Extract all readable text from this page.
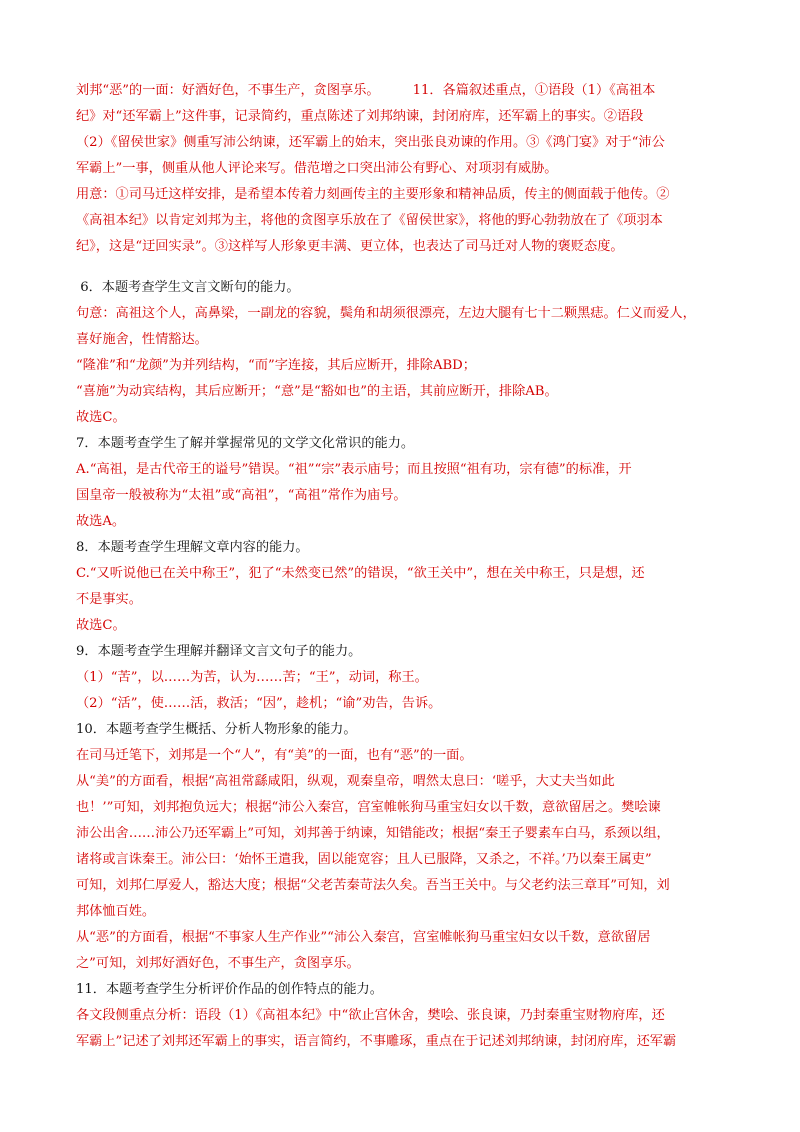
刘邦“恶”的一面：好酒好色，不事生产，贪图享乐。　　　11．各篇叙述重点，①语段（1）《高祖本
纪》对“还军霸上”这件事，记录简约，重点陈述了刘邦纳谏，封闭府库，还军霸上的事实。②语段
（2）《留侯世家》侧重写沛公纳谏，还军霸上的始末，突出张良劝谏的作用。③《鸿门宴》对于“沛公
军霸上”一事，侧重从他人评论来写。借范增之口突出沛公有野心、对项羽有威胁。
用意：①司马迁这样安排，是希望本传着力刻画传主的主要形象和精神品质，传主的侧面载于他传。②
《高祖本纪》以肯定刘邦为主，将他的贪图享乐放在了《留侯世家》，将他的野心勃勃放在了《项羽本
纪》，这是“迂回实录”。③这样写人形象更丰满、更立体，也表达了司马迁对人物的褒贬态度。
6．本题考查学生文言文断句的能力。
句意：高祖这个人，高鼻梁，一副龙的容貌，鬓角和胡须很漂亮，左边大腿有七十二颗黑痣。仁义而爱人，
喜好施舍，性情豁达。
“隆准”和“龙颜”为并列结构，“而”字连接，其后应断开，排除ABD；
“喜施”为动宾结构，其后应断开；“意”是“豁如也”的主语，其前应断开，排除AB。
故选C。
7．本题考查学生了解并掌握常见的文学文化常识的能力。
A.“高祖，是古代帝王的谥号”错误。“祖”“宗”表示庙号；而且按照“祖有功，宗有德”的标准，开
国皇帝一般被称为“太祖”或“高祖”，“高祖”常作为庙号。
故选A。
8．本题考查学生理解文章内容的能力。
C.“又听说他已在关中称王”，犯了“未然变已然”的错误，“欲王关中”，想在关中称王，只是想，还
不是事实。
故选C。
9．本题考查学生理解并翻译文言文句子的能力。
（1）“苦”，以……为苦，认为……苦；“王”，动词，称王。
（2）“活”，使……活，救活；“因”，趁机；“谕”劝告，告诉。
10．本题考查学生概括、分析人物形象的能力。
在司马迁笔下，刘邦是一个“人”，有“美”的一面，也有“恶”的一面。
从“美”的方面看，根据“高祖常繇咸阳，纵观，观秦皇帝，喟然太息曰：‘嗟乎，大丈夫当如此
也！’”可知，刘邦抱负远大；根据“沛公入秦宫，宫室帷帐狗马重宝妇女以千数，意欲留居之。樊哙谏
沛公出舍……沛公乃还军霸上”可知，刘邦善于纳谏，知错能改；根据“秦王子婴素车白马，系颈以组，
诸将或言诛秦王。沛公曰：‘始怀王遣我，固以能宽容；且人已服降，又杀之，不祥。’乃以秦王属吏”
可知，刘邦仁厚爱人，豁达大度；根据“父老苦秦苛法久矣。吾当王关中。与父老约法三章耳”可知，刘
邦体恤百姓。
从“恶”的方面看，根据“不事家人生产作业”“沛公入秦宫，宫室帷帐狗马重宝妇女以千数，意欲留居
之”可知，刘邦好酒好色，不事生产，贪图享乐。
11．本题考查学生分析评价作品的创作特点的能力。
各文段侧重点分析：语段（1）《高祖本纪》中“欲止宫休舍，樊哙、张良谏，乃封秦重宝财物府库，还
军霸上”记述了刘邦还军霸上的事实，语言简约，不事雕琢，重点在于记述刘邦纳谏，封闭府库，还军霸
